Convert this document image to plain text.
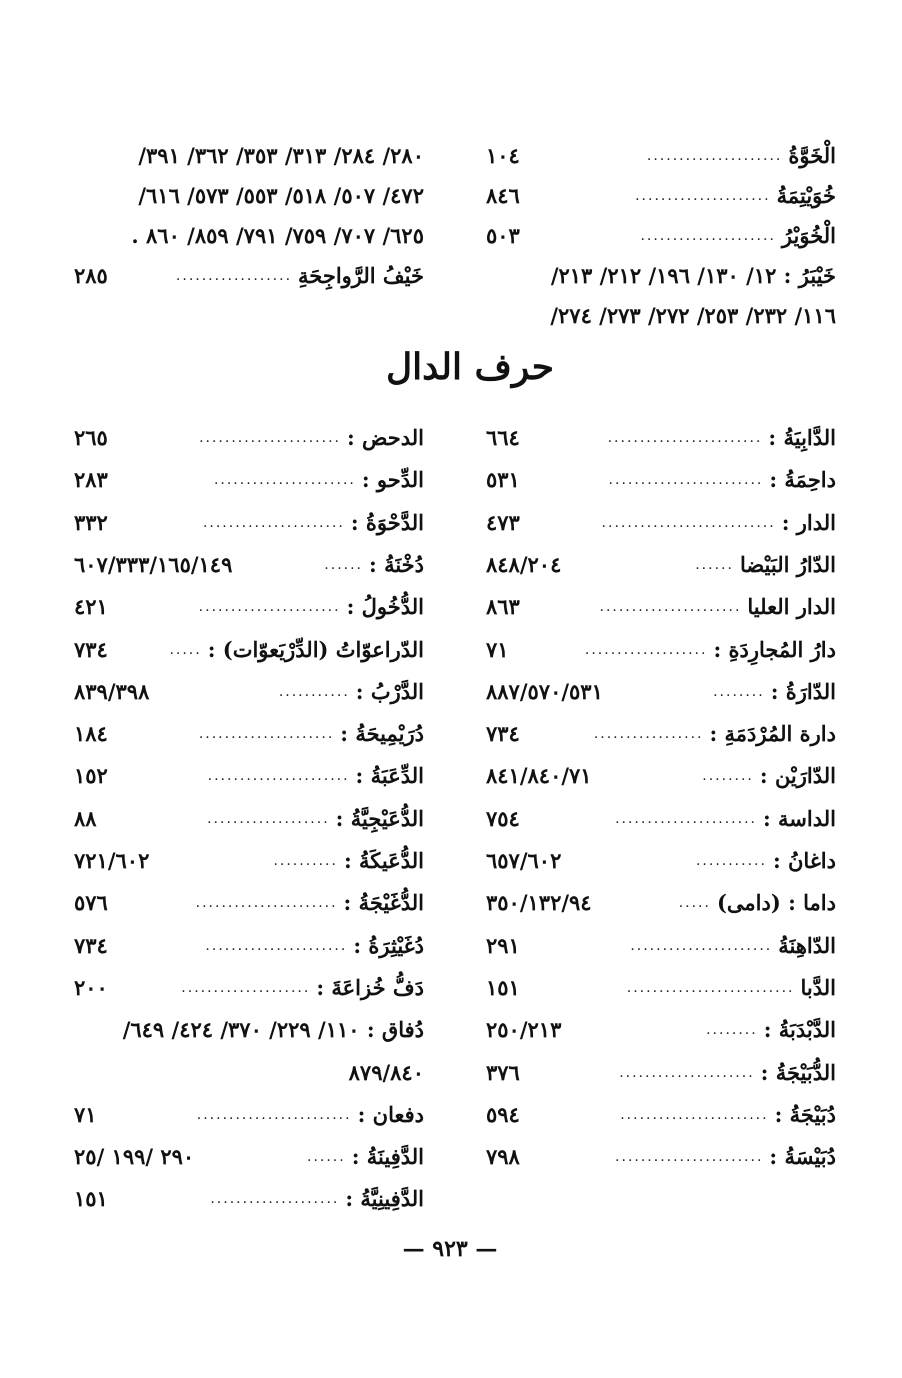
٢٨٠/ ٢٨٤/ ٣١٣/ ٣٥٣/ ٣٦٢/ ٣٩١/
٤٧٢/ ٥٠٧/ ٥١٨/ ٥٥٣/ ٥٧٣/ ٦١٦/
٦٢٥/ ٧٠٧/ ٧٥٩/ ٧٩١/ ٨٥٩/ ٨٦٠ .
خَيْفُ الرَّواجِحَةِ
..................
٢٨٥
الْخَوَّةُ
.....................
١٠٤
خُوَيْتِمَةُ
.....................
٨٤٦
الْخُوَيْرُ
.....................
٥٠٣
خَيْبَرُ : ١٢/ ١٣٠/ ١٩٦/ ٢١٢/ ٢١٣/
١١٦/ ٢٣٢/ ٢٥٣/ ٢٧٢/ ٢٧٣/ ٢٧٤/
حرف الدال
الدَّابِيَةُ :
........................
٦٦٤
داحِمَةُ :
........................
٥٣١
الدار :
...........................
٤٧٣
الدّارُ البَيْضا
......
٨٤٨/٢٠٤
الدار العليا
......................
٨٦٣
دارُ المُجارِدَةِ :
...................
٧١
الدّارَةُ :
........
٨٨٧/٥٧٠/٥٣١
دارة المُرْدَمَةِ :
.................
٧٣٤
الدّارَيْن :
........
٨٤١/٨٤٠/٧١
الداسة :
......................
٧٥٤
داغانُ :
...........
٦٥٧/٦٠٢
داما : (دامى)
.....
٣٥٠/١٣٢/٩٤
الدّاهِنَةُ
......................
٢٩١
الدَّبا
..........................
١٥١
الدَّبْدَبَةُ :
........
٢٥٠/٢١٣
الدُّبَيْجَةُ :
.....................
٣٧٦
دُبَيْجَةُ :
.......................
٥٩٤
دُبَيْسَةُ :
.......................
٧٩٨
الدحض :
......................
٢٦٥
الدِّحو :
......................
٢٨٣
الدَّحْوَةُ :
......................
٣٣٢
دُخْنَةُ :
......
٦٠٧/٣٣٣/١٦٥/١٤٩
الدُّخُولُ :
......................
٤٢١
الدّراعوّاتُ (الدِّرْيَعوّات) :
.....
٧٣٤
الدَّرْبُ :
...........
٨٣٩/٣٩٨
دُرَيْمِيحَةُ :
.....................
١٨٤
الدِّعَبَةُ :
......................
١٥٢
الدُّعَيْجِيَّةُ :
...................
٨٨
الدُّعَيكَةُ :
..........
٧٢١/٦٠٢
الدُّغَيْجَةُ :
......................
٥٧٦
دُغَيْثِرَةُ :
......................
٧٣٤
دَفُّ خُزاعَةَ :
....................
٢٠٠
دُفاق : ١١٠/ ٢٢٩/ ٣٧٠/ ٤٢٤/ ٦٤٩/
٨٧٩/٨٤٠
دفعان :
........................
٧١
الدَّفِينَةُ :
......
٢٩٠ /١٩٩ /٢٥
الدَّفِينِيَّةُ :
....................
١٥١
— ٩٢٣ —
